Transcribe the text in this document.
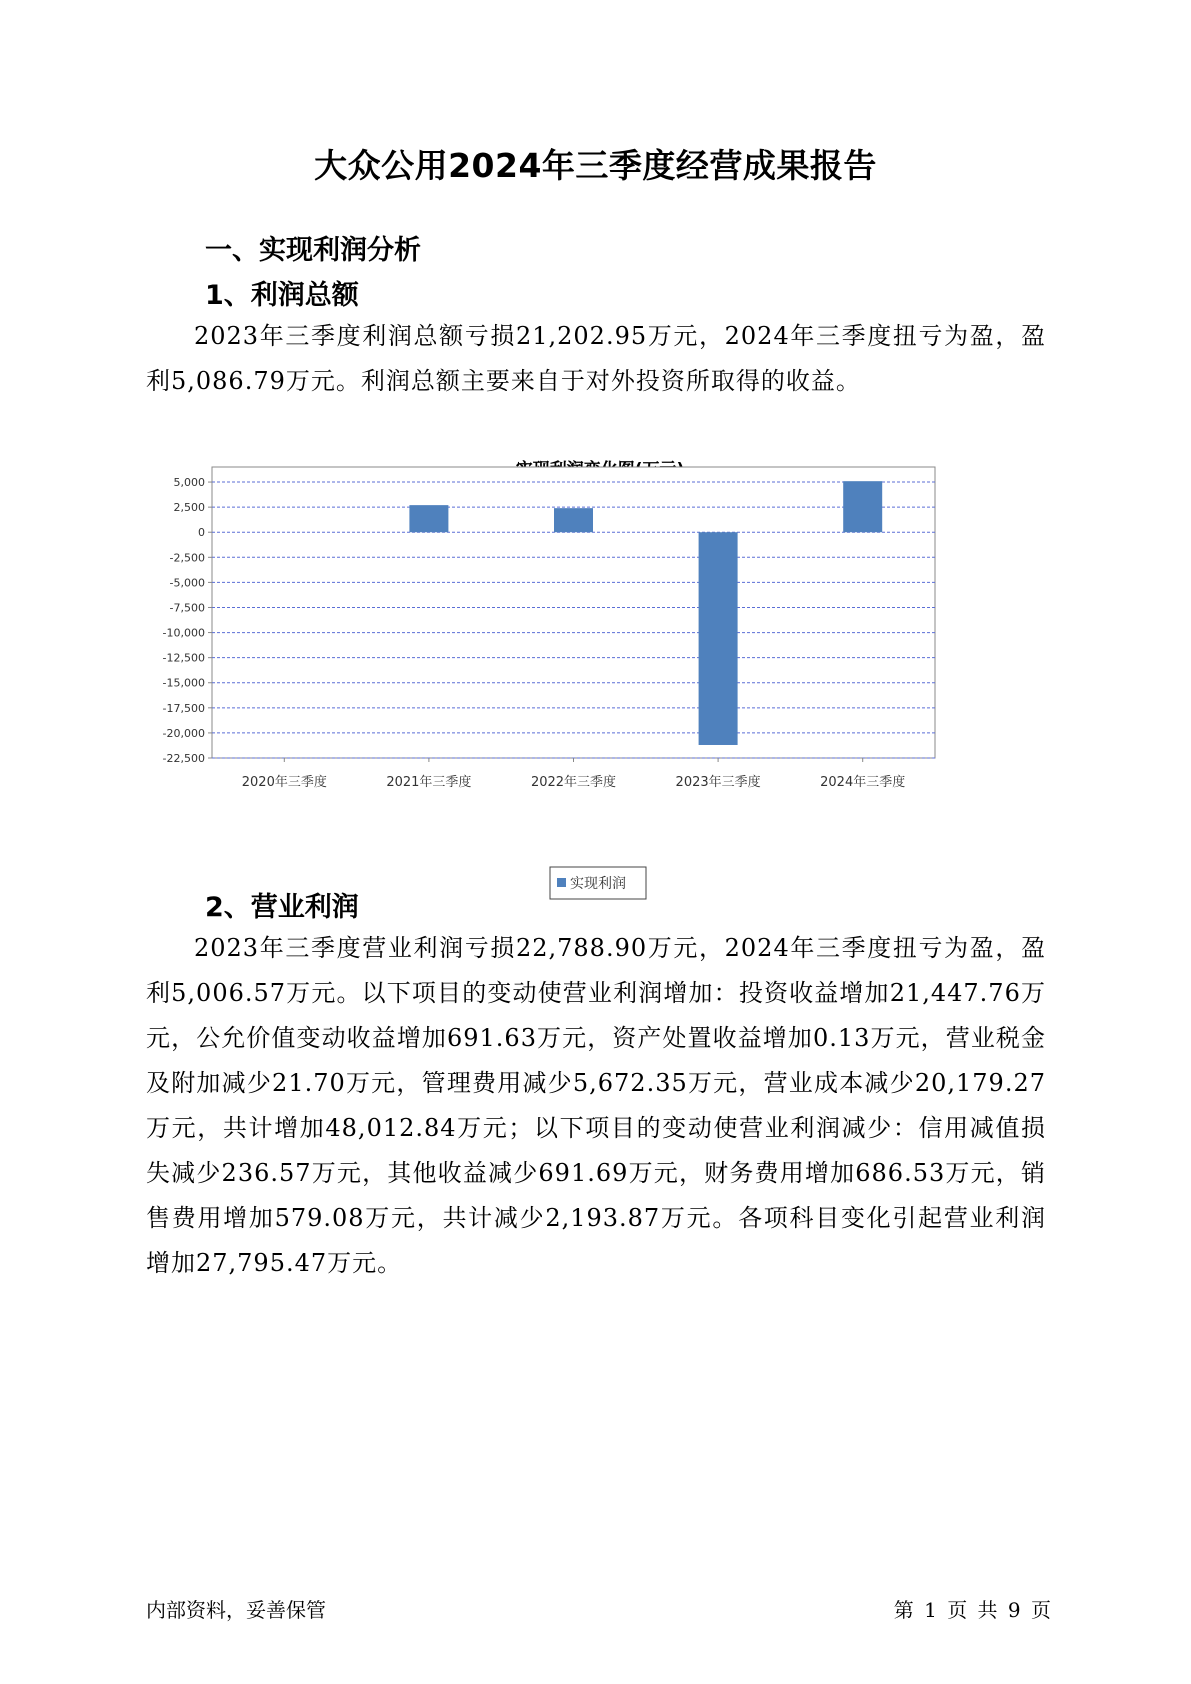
大众公用2024年三季度经营成果报告
一、实现利润分析
1、利润总额

2023年三季度利润总额亏损21,202.95万元，2024年三季度扭亏为盈，盈利5,086.79万元。利润总额主要来自于对外投资所取得的收益。

5,000
2,500
0
-2,500
-5,000
-7,500
-10,000
-12,500
-15,000
-17,500
-20,000
-22,500
2020年三季度	2021年三季度	2022年三季度	2023年三季度	2024年三季度
实现利润
2、营业利润

2023年三季度营业利润亏损22,788.90万元，2024年三季度扭亏为盈，盈利5,006.57万元。以下项目的变动使营业利润增加：投资收益增加21,447.76万元，公允价值变动收益增加691.63万元，资产处置收益增加0.13万元，营业税金及附加减少21.70万元，管理费用减少5,672.35万元，营业成本减少20,179.27万元，共计增加48,012.84万元；以下项目的变动使营业利润减少：信用减值损失减少236.57万元，其他收益减少691.69万元，财务费用增加686.53万元，销售费用增加579.08万元，共计减少2,193.87万元。各项科目变化引起营业利润增加27,795.47万元。

内部资料，妥善保管	第 1 页 共 9 页
